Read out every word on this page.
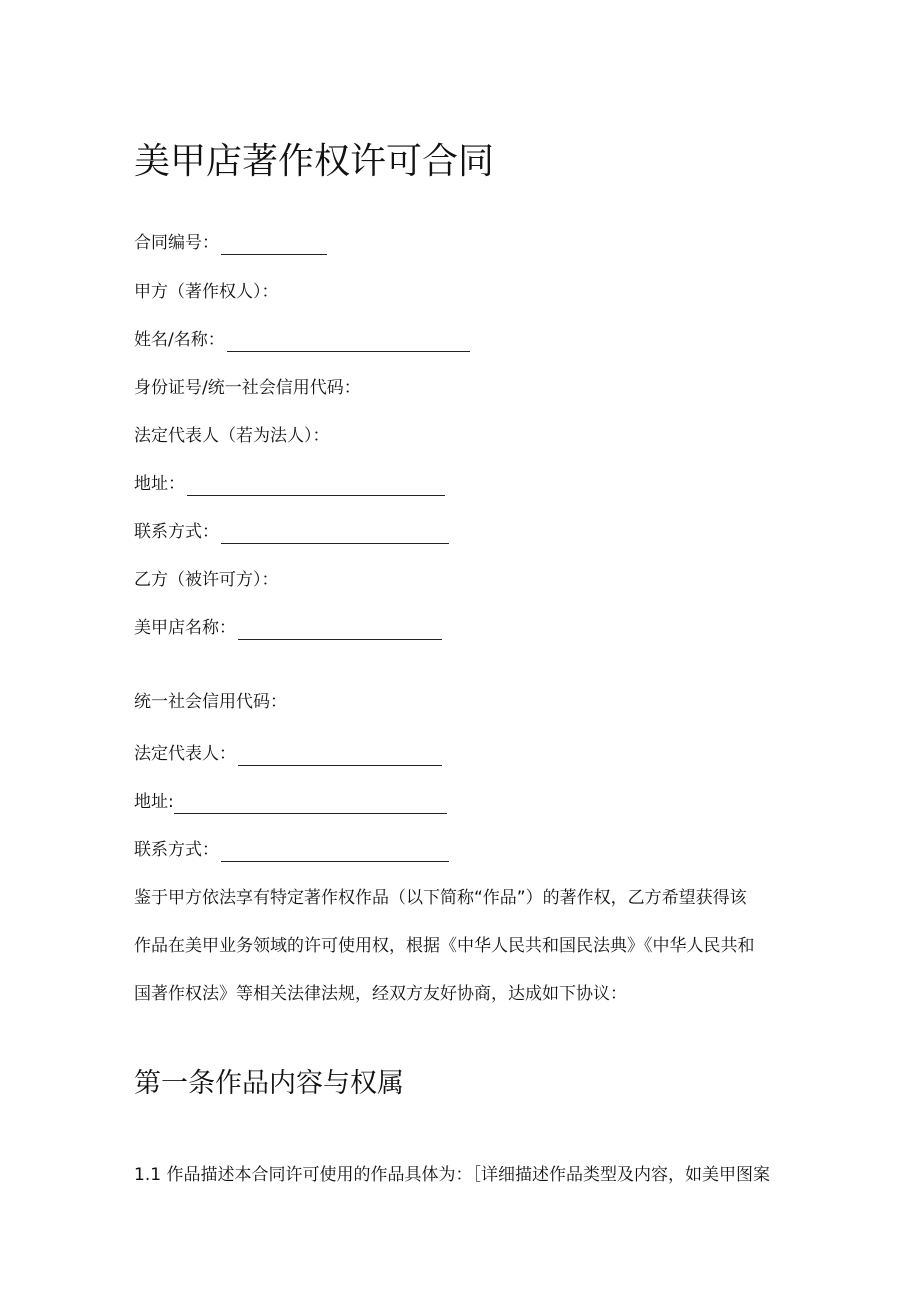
美甲店著作权许可合同
合同编号：
甲方（著作权人）：
姓名/名称：
身份证号/统一社会信用代码：
法定代表人（若为法人）：
地址：
联系方式：
乙方（被许可方）：
美甲店名称：
统一社会信用代码：
法定代表人：
地址:
联系方式：
鉴于甲方依法享有特定著作权作品（以下简称“作品”）的著作权，乙方希望获得该
作品在美甲业务领域的许可使用权，根据《中华人民共和国民法典》《中华人民共和
国著作权法》等相关法律法规，经双方友好协商，达成如下协议：
第一条作品内容与权属
1.1 作品描述本合同许可使用的作品具体为：［详细描述作品类型及内容，如美甲图案
